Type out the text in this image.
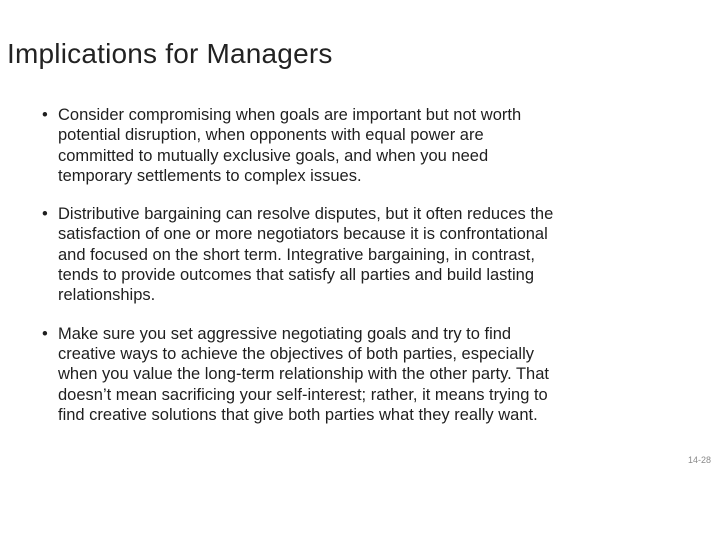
Implications for Managers
• Consider compromising when goals are important but not worth
potential disruption, when opponents with equal power are
committed to mutually exclusive goals, and when you need
temporary settlements to complex issues.
• Distributive bargaining can resolve disputes, but it often reduces the
satisfaction of one or more negotiators because it is confrontational
and focused on the short term. Integrative bargaining, in contrast,
tends to provide outcomes that satisfy all parties and build lasting
relationships.
• Make sure you set aggressive negotiating goals and try to find
creative ways to achieve the objectives of both parties, especially
when you value the long-term relationship with the other party. That
doesn’t mean sacrificing your self-interest; rather, it means trying to
find creative solutions that give both parties what they really want.
14-28
